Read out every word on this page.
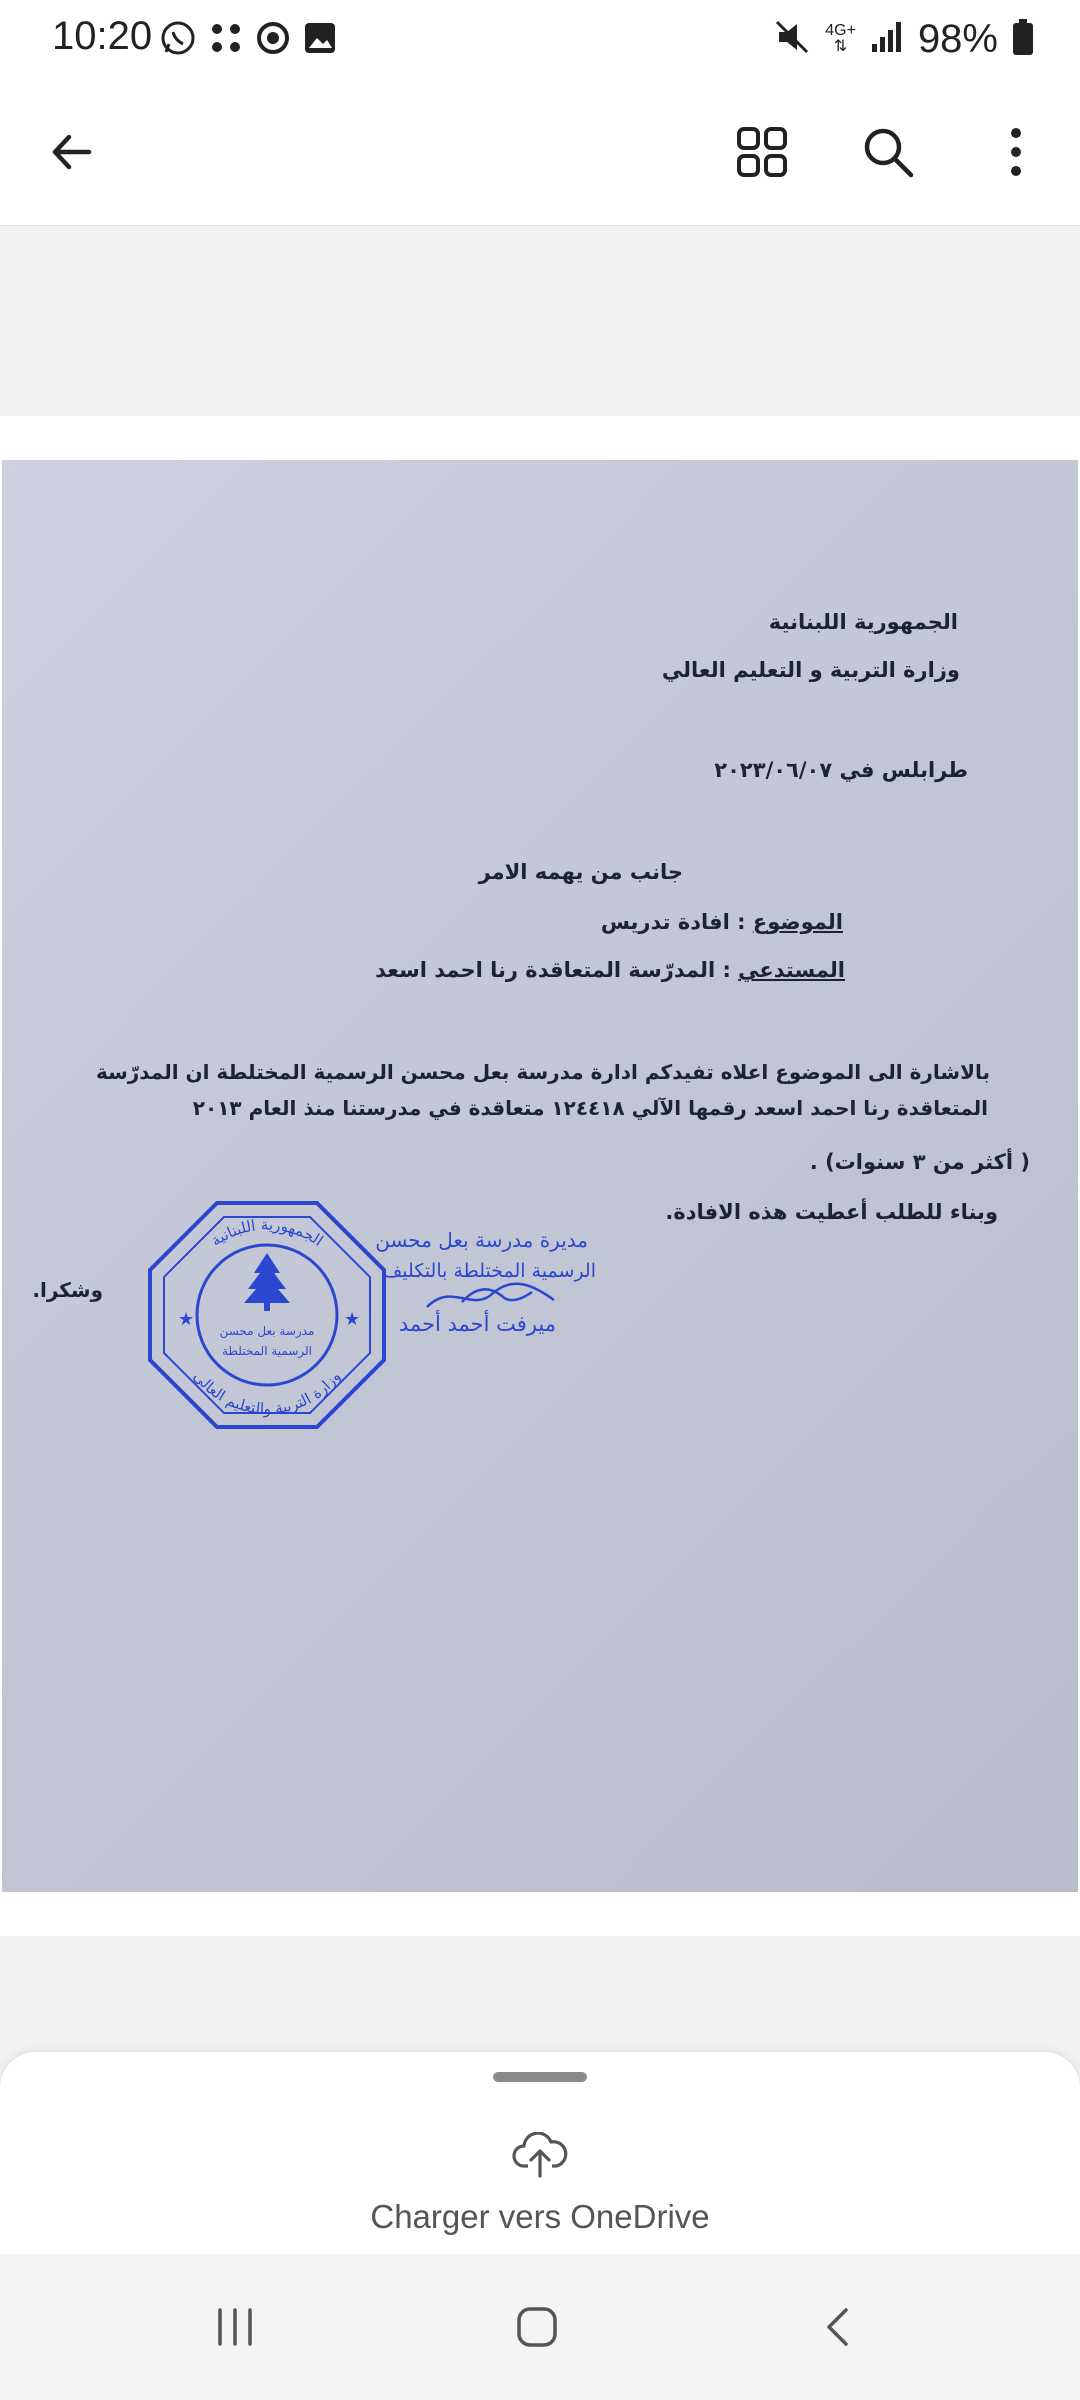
10:20	4G+
⇅ 98%
الجمهورية اللبنانية
وزارة التربية و التعليم العالي
طرابلس في ٢٠٢٣/٠٦/٠٧
جانب من يهمه الامر
الموضوع : افادة تدريس
المستدعي : المدرّسة المتعاقدة رنا احمد اسعد
بالاشارة الى الموضوع اعلاه تفيدكم ادارة مدرسة بعل محسن الرسمية المختلطة ان المدرّسة
المتعاقدة رنا احمد اسعد رقمها الآلي ١٢٤٤١٨ متعاقدة في مدرستنا منذ العام ٢٠١٣
( أكثر من ٣ سنوات) .
وبناء للطلب أعطيت هذه الافادة.
وشكرا.
مديرة مدرسة بعل محسن
الرسمية المختلطة بالتكليف
ميرفت أحمد أحمد
★	★
مدرسة بعل محسن
الرسمية المختلطة
الجمهورية اللبنانية
وزارة التربية والتعليم العالي
Charger vers OneDrive
